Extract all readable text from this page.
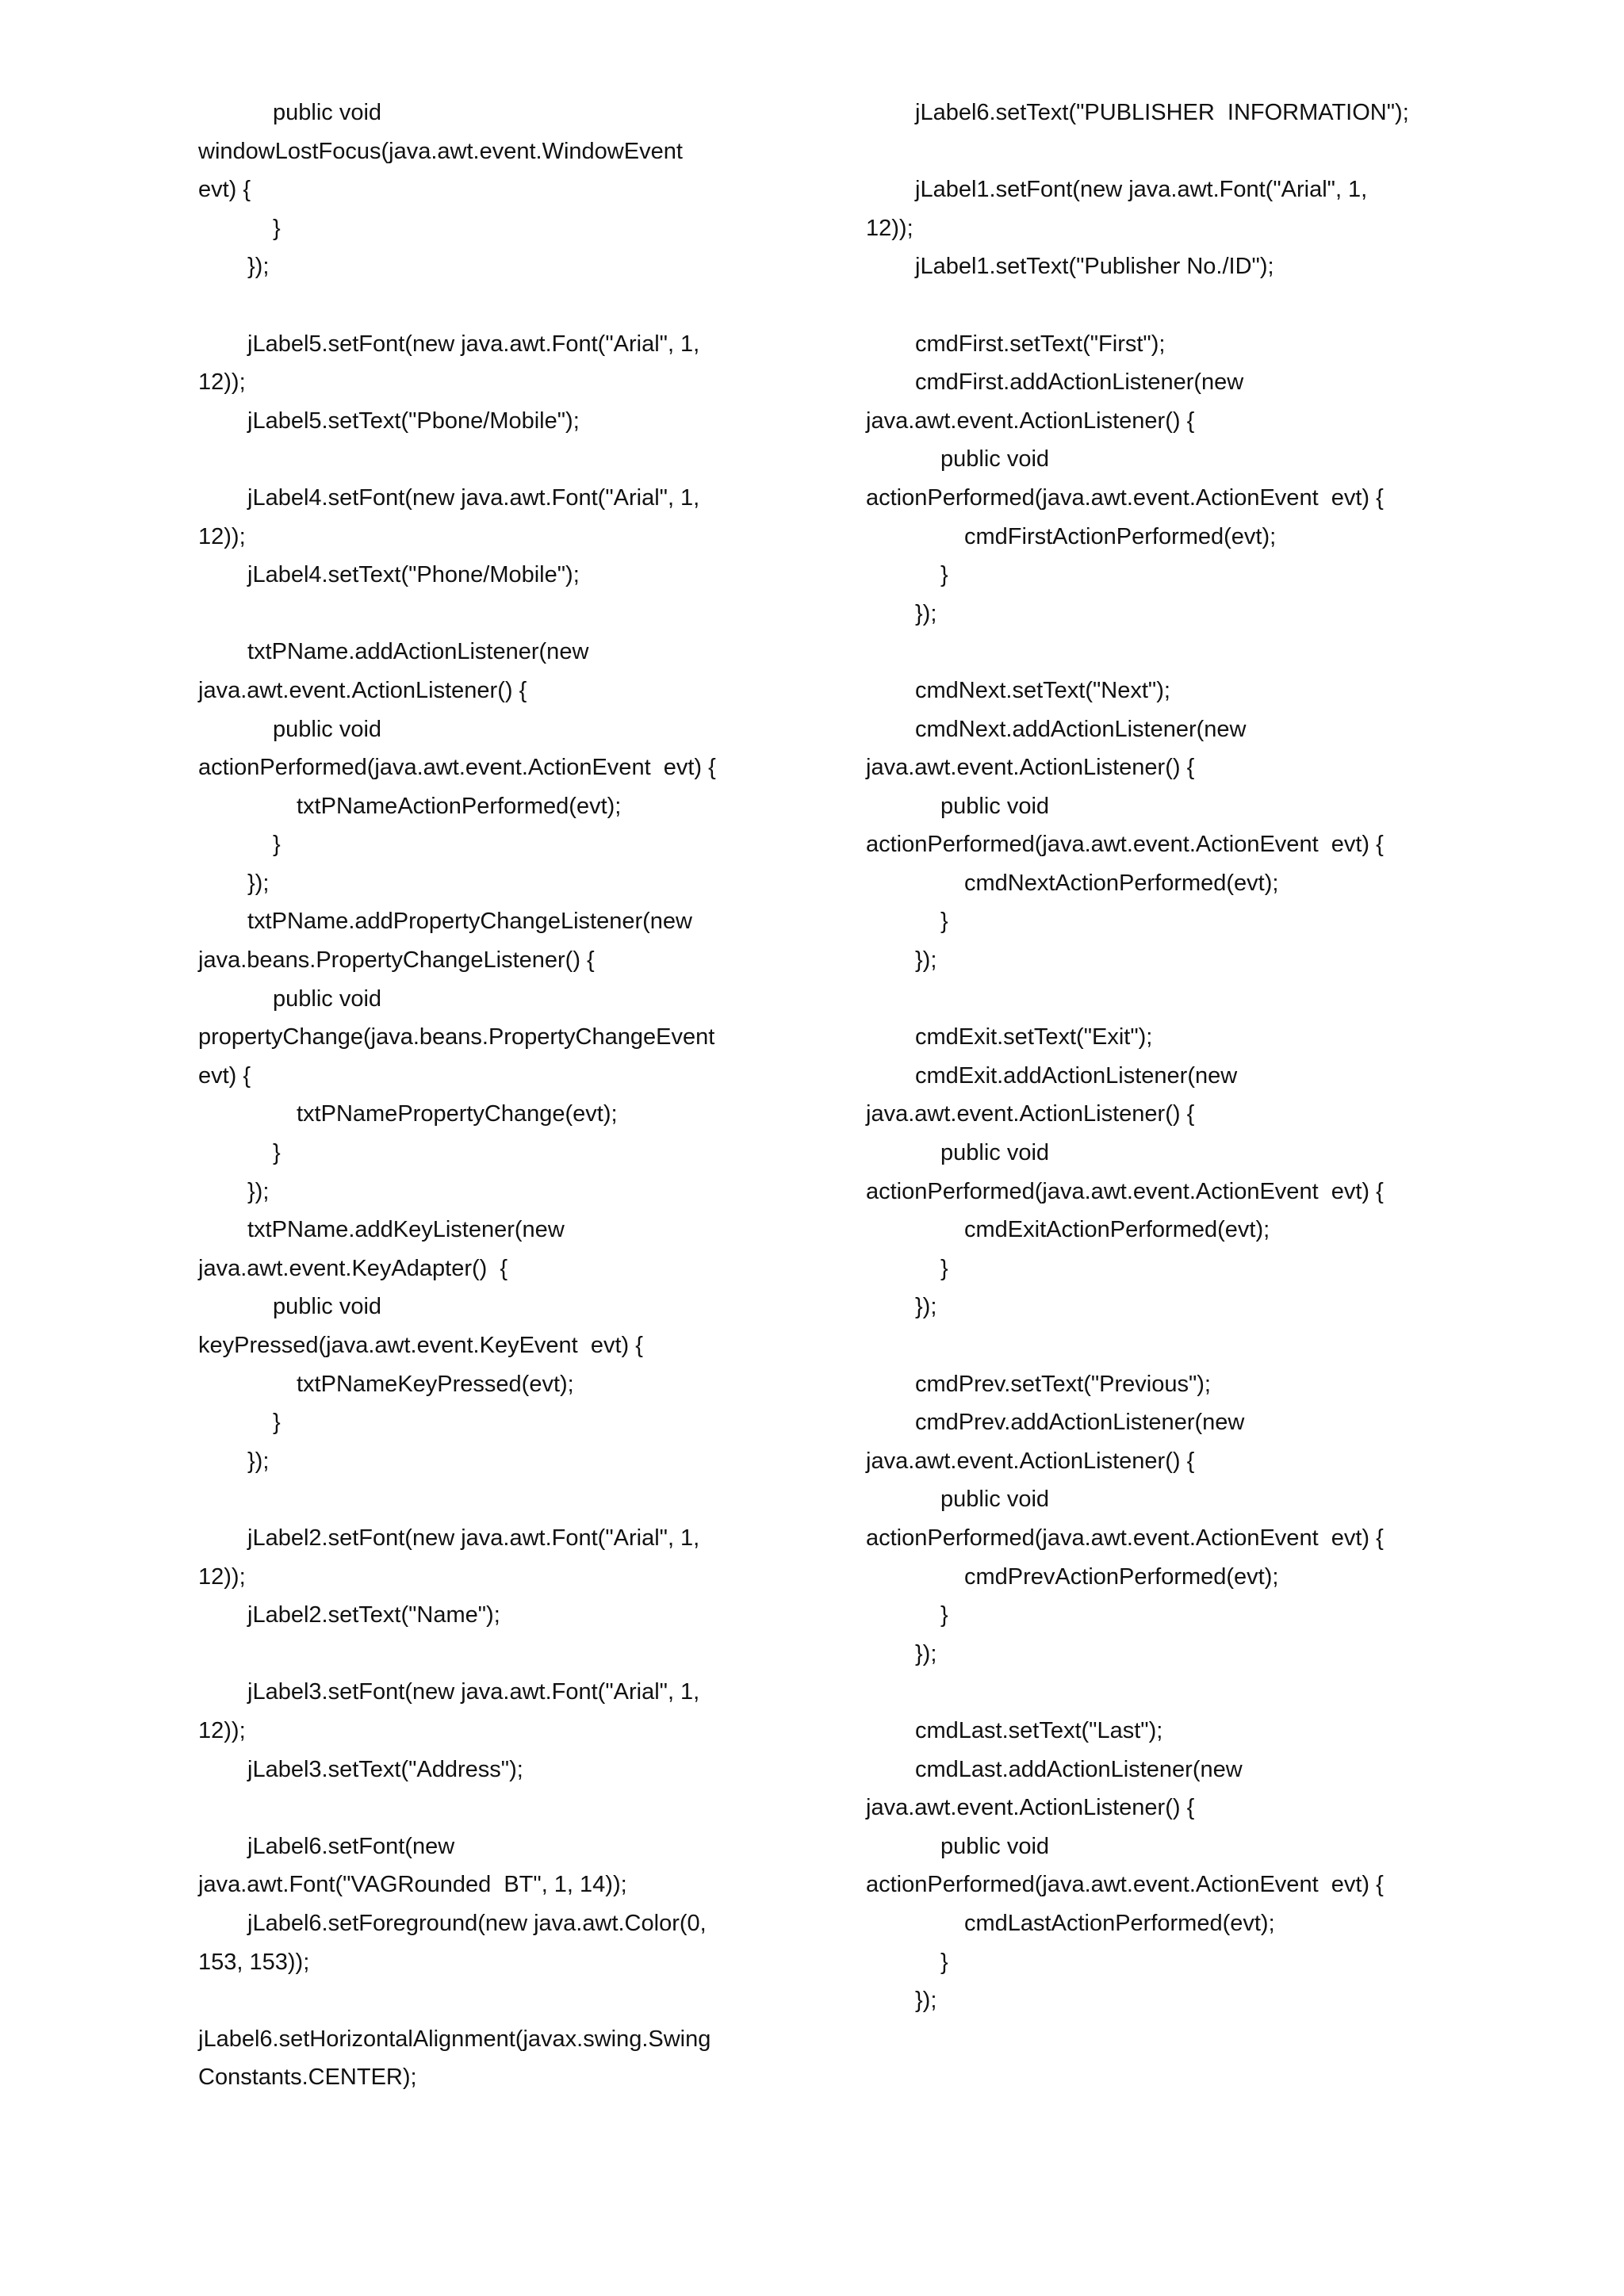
public void
windowLostFocus(java.awt.event.WindowEvent
evt) {
}
});
jLabel5.setFont(new java.awt.Font("Arial", 1,
12));
jLabel5.setText("Pbone/Mobile");
jLabel4.setFont(new java.awt.Font("Arial", 1,
12));
jLabel4.setText("Phone/Mobile");
txtPName.addActionListener(new
java.awt.event.ActionListener() {
public void
actionPerformed(java.awt.event.ActionEvent  evt) {
txtPNameActionPerformed(evt);
}
});
txtPName.addPropertyChangeListener(new
java.beans.PropertyChangeListener() {
public void
propertyChange(java.beans.PropertyChangeEvent
evt) {
txtPNamePropertyChange(evt);
}
});
txtPName.addKeyListener(new
java.awt.event.KeyAdapter()  {
public void
keyPressed(java.awt.event.KeyEvent  evt) {
txtPNameKeyPressed(evt);
}
});
jLabel2.setFont(new java.awt.Font("Arial", 1,
12));
jLabel2.setText("Name");
jLabel3.setFont(new java.awt.Font("Arial", 1,
12));
jLabel3.setText("Address");
jLabel6.setFont(new
java.awt.Font("VAGRounded  BT", 1, 14));
jLabel6.setForeground(new java.awt.Color(0,
153, 153));
jLabel6.setHorizontalAlignment(javax.swing.Swing
Constants.CENTER);
jLabel6.setText("PUBLISHER  INFORMATION");
jLabel1.setFont(new java.awt.Font("Arial", 1,
12));
jLabel1.setText("Publisher No./ID");
cmdFirst.setText("First");
cmdFirst.addActionListener(new
java.awt.event.ActionListener() {
public void
actionPerformed(java.awt.event.ActionEvent  evt) {
cmdFirstActionPerformed(evt);
}
});
cmdNext.setText("Next");
cmdNext.addActionListener(new
java.awt.event.ActionListener() {
public void
actionPerformed(java.awt.event.ActionEvent  evt) {
cmdNextActionPerformed(evt);
}
});
cmdExit.setText("Exit");
cmdExit.addActionListener(new
java.awt.event.ActionListener() {
public void
actionPerformed(java.awt.event.ActionEvent  evt) {
cmdExitActionPerformed(evt);
}
});
cmdPrev.setText("Previous");
cmdPrev.addActionListener(new
java.awt.event.ActionListener() {
public void
actionPerformed(java.awt.event.ActionEvent  evt) {
cmdPrevActionPerformed(evt);
}
});
cmdLast.setText("Last");
cmdLast.addActionListener(new
java.awt.event.ActionListener() {
public void
actionPerformed(java.awt.event.ActionEvent  evt) {
cmdLastActionPerformed(evt);
}
});
